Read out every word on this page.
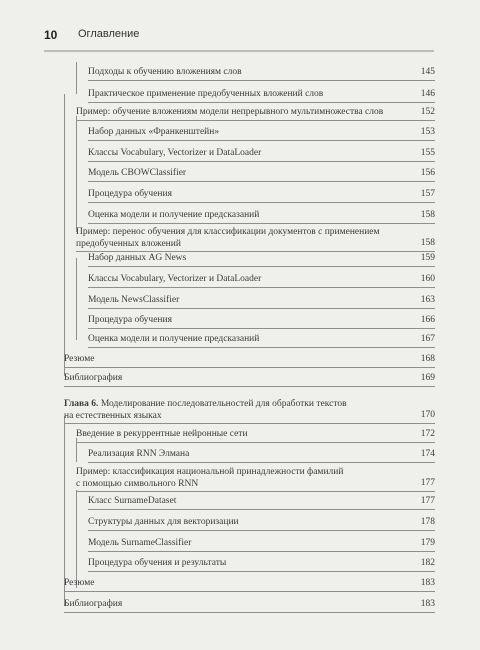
10 Оглавление
Подходы к обучению вложениям слов	145
Практическое применение предобученных вложений слов	146
Пример: обучение вложениям модели непрерывного мультимножества слов	152
Набор данных «Франкенштейн»	153
Классы Vocabulary, Vectorizer и DataLoader	155
Модель CBOWClassifier	156
Процедура обучения	157
Оценка модели и получение предсказаний	158
Пример: перенос обучения для классификации документов с применением
предобученных вложений	158
Набор данных AG News	159
Классы Vocabulary, Vectorizer и DataLoader	160
Модель NewsClassifier	163
Процедура обучения	166
Оценка модели и получение предсказаний	167
Резюме	168
Библиография	169
Глава 6. Моделирование последовательностей для обработки текстов
на естественных языках	170
Введение в рекуррентные нейронные сети	172
Реализация RNN Элмана	174
Пример: классификация национальной принадлежности фамилий
с помощью символьного RNN	177
Класс SurnameDataset	177
Структуры данных для векторизации	178
Модель SurnameClassifier	179
Процедура обучения и результаты	182
Резюме	183
Библиография	183
